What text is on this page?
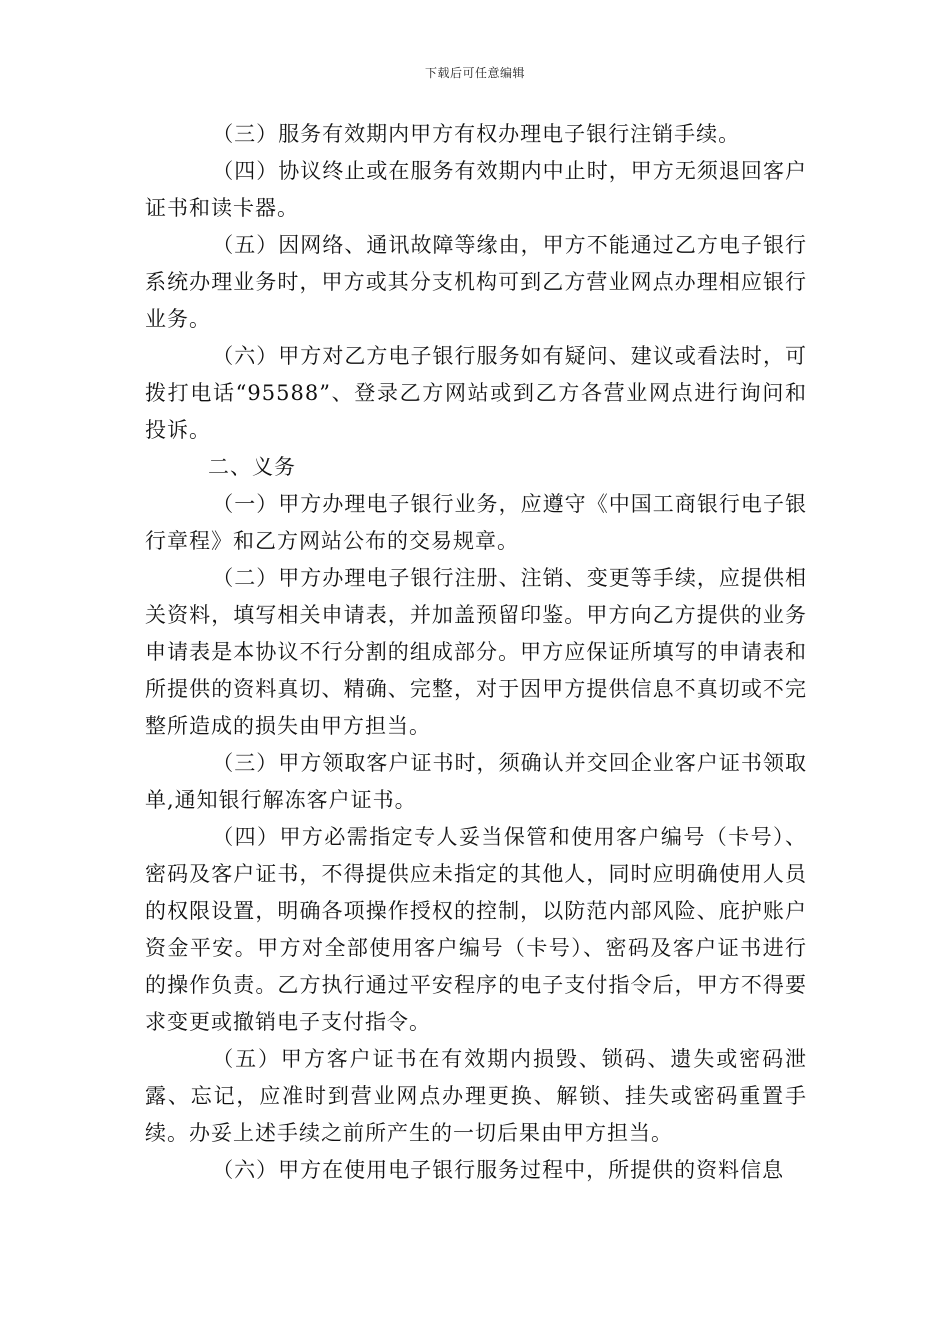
下载后可任意编辑

（三）服务有效期内甲方有权办理电子银行注销手续。

（四）协议终止或在服务有效期内中止时，甲方无须退回客户证书和读卡器。

（五）因网络、通讯故障等缘由，甲方不能通过乙方电子银行系统办理业务时，甲方或其分支机构可到乙方营业网点办理相应银行业务。

（六）甲方对乙方电子银行服务如有疑问、建议或看法时，可拨打电话“95588”、登录乙方网站或到乙方各营业网点进行询问和投诉。

二、义务

（一）甲方办理电子银行业务，应遵守《中国工商银行电子银行章程》和乙方网站公布的交易规章。

（二）甲方办理电子银行注册、注销、变更等手续，应提供相关资料，填写相关申请表，并加盖预留印鉴。甲方向乙方提供的业务申请表是本协议不行分割的组成部分。甲方应保证所填写的申请表和所提供的资料真切、精确、完整，对于因甲方提供信息不真切或不完整所造成的损失由甲方担当。

（三）甲方领取客户证书时，须确认并交回企业客户证书领取单,通知银行解冻客户证书。

（四）甲方必需指定专人妥当保管和使用客户编号（卡号）、密码及客户证书，不得提供应未指定的其他人，同时应明确使用人员的权限设置，明确各项操作授权的控制，以防范内部风险、庇护账户资金平安。甲方对全部使用客户编号（卡号）、密码及客户证书进行的操作负责。乙方执行通过平安程序的电子支付指令后，甲方不得要求变更或撤销电子支付指令。

（五）甲方客户证书在有效期内损毁、锁码、遗失或密码泄露、忘记，应准时到营业网点办理更换、解锁、挂失或密码重置手续。办妥上述手续之前所产生的一切后果由甲方担当。

（六）甲方在使用电子银行服务过程中，所提供的资料信息
